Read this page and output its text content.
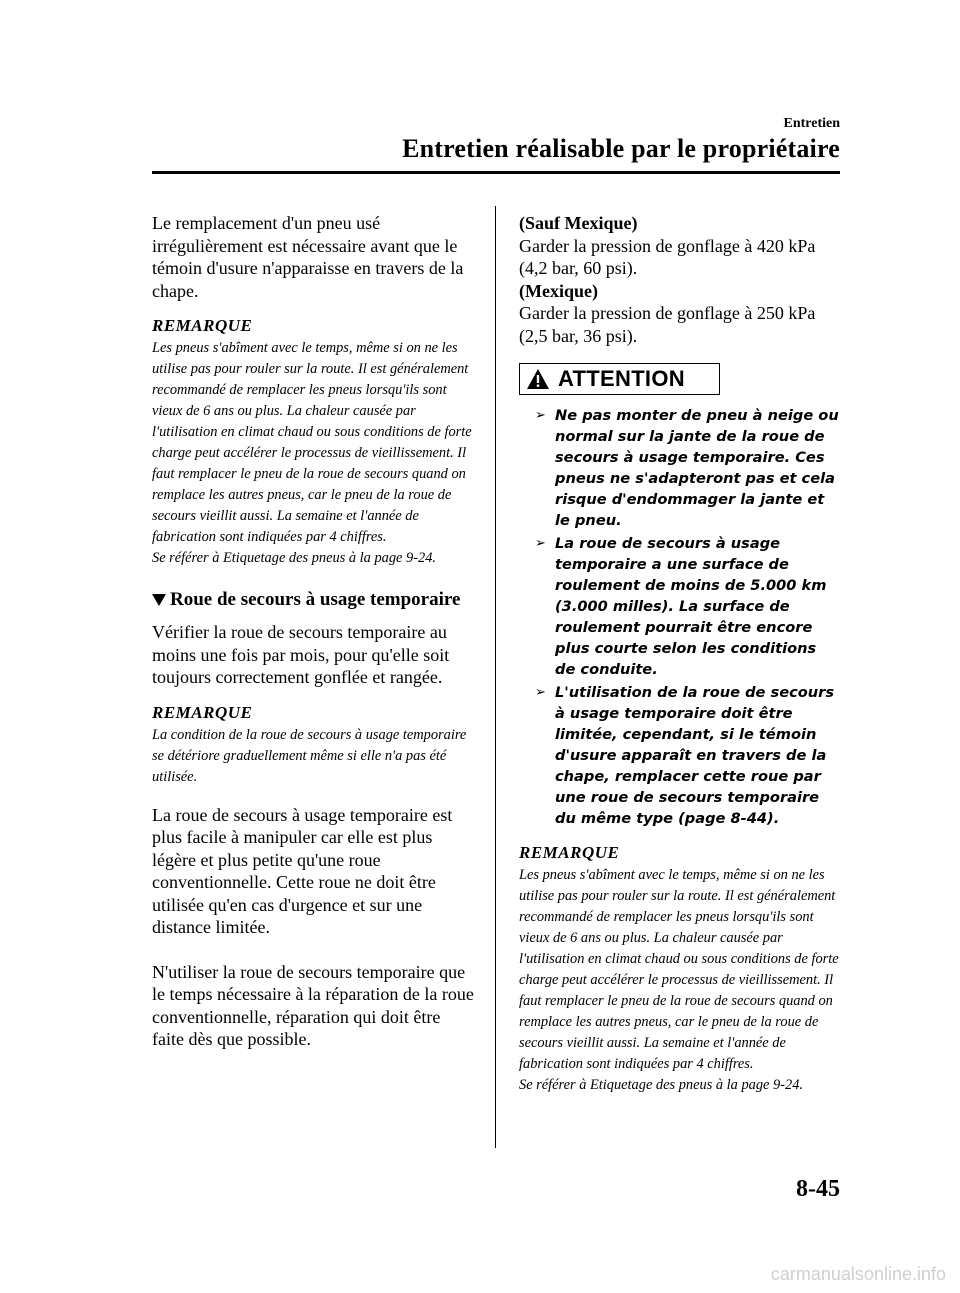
Entretien
Entretien réalisable par le propriétaire

Le remplacement d'un pneu usé irrégulièrement est nécessaire avant que le témoin d'usure n'apparaisse en travers de la chape.

REMARQUE

Les pneus s'abîment avec le temps, même si on ne les utilise pas pour rouler sur la route. Il est généralement recommandé de remplacer les pneus lorsqu'ils sont vieux de 6 ans ou plus. La chaleur causée par l'utilisation en climat chaud ou sous conditions de forte charge peut accélérer le processus de vieillissement. Il faut remplacer le pneu de la roue de secours quand on remplace les autres pneus, car le pneu de la roue de secours vieillit aussi. La semaine et l'année de fabrication sont indiquées par 4 chiffres.

Se référer à Etiquetage des pneus à la page 9-24.

Roue de secours à usage temporaire

Vérifier la roue de secours temporaire au moins une fois par mois, pour qu'elle soit toujours correctement gonflée et rangée.

REMARQUE

La condition de la roue de secours à usage temporaire se détériore graduellement même si elle n'a pas été utilisée.

La roue de secours à usage temporaire est plus facile à manipuler car elle est plus légère et plus petite qu'une roue conventionnelle. Cette roue ne doit être utilisée qu'en cas d'urgence et sur une distance limitée.

N'utiliser la roue de secours temporaire que le temps nécessaire à la réparation de la roue conventionnelle, réparation qui doit être faite dès que possible.

(Sauf Mexique)

Garder la pression de gonflage à 420 kPa (4,2 bar, 60 psi).

(Mexique)

Garder la pression de gonflage à 250 kPa (2,5 bar, 36 psi).

ATTENTION
➢ Ne pas monter de pneu à neige ou normal sur la jante de la roue de secours à usage temporaire. Ces pneus ne s'adapteront pas et cela risque d'endommager la jante et le pneu.
➢ La roue de secours à usage temporaire a une surface de roulement de moins de 5.000 km (3.000 milles). La surface de roulement pourrait être encore plus courte selon les conditions de conduite.
➢ L'utilisation de la roue de secours à usage temporaire doit être limitée, cependant, si le témoin d'usure apparaît en travers de la chape, remplacer cette roue par une roue de secours temporaire du même type (page 8-44).
REMARQUE

Les pneus s'abîment avec le temps, même si on ne les utilise pas pour rouler sur la route. Il est généralement recommandé de remplacer les pneus lorsqu'ils sont vieux de 6 ans ou plus. La chaleur causée par l'utilisation en climat chaud ou sous conditions de forte charge peut accélérer le processus de vieillissement. Il faut remplacer le pneu de la roue de secours quand on remplace les autres pneus, car le pneu de la roue de secours vieillit aussi. La semaine et l'année de fabrication sont indiquées par 4 chiffres.

Se référer à Etiquetage des pneus à la page 9-24.

8-45
carmanualsonline.info
